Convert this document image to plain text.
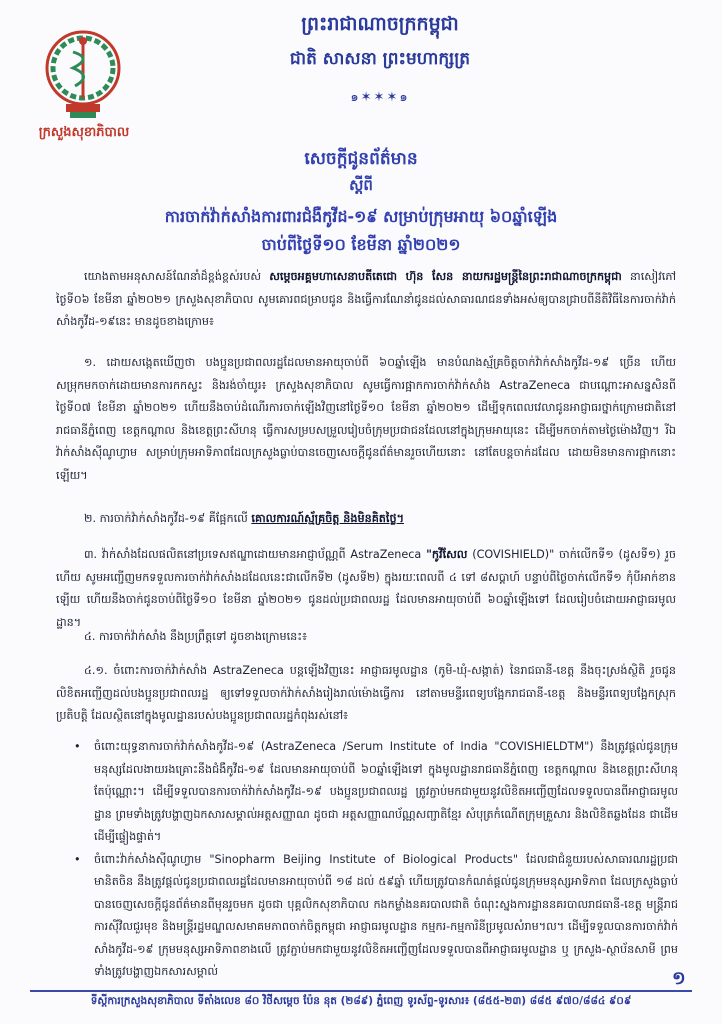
ក្រសួងសុខាភិបាល
ព្រះរាជាណាចក្រកម្ពុជា
ជាតិ សាសនា ព្រះមហាក្សត្រ
๑✶✶✶๑
សេចក្តីជូនព័ត៌មាន
ស្តីពី
ការចាក់វ៉ាក់សាំងការពារជំងឺកូវីដ-១៩ សម្រាប់ក្រុមអាយុ ៦០ឆ្នាំឡើង
ចាប់ពីថ្ងៃទី១០ ខែមីនា ឆ្នាំ២០២១
យោងតាមអនុសាសន៍ណែនាំដ៏ខ្ពង់ខ្ពស់របស់ សម្តេចអគ្គមហាសេនាបតីតេជោ ហ៊ុន សែន នាយករដ្ឋមន្ត្រីនៃព្រះរាជាណាចក្រកម្ពុជា នាសៀវភៅថ្ងៃទី០៦ ខែមីនា ឆ្នាំ២០២១ ក្រសួងសុខាភិបាល សូមគោរពជម្រាបជូន និងធ្វើការណែនាំជូនដល់សាធារណជនទាំងអស់ឲ្យបានជ្រាបពីនីតិវិធីនៃការចាក់វ៉ាក់សាំងកូវីដ-១៩នេះ មានដូចខាងក្រោម៖
១. ដោយសង្កេតឃើញថា បងប្អូនប្រជាពលរដ្ឋដែលមានអាយុចាប់ពី ៦០ឆ្នាំឡើង មានបំណងស្ម័គ្រចិត្តចាក់វ៉ាក់សាំងកូវីដ-១៩ ច្រើន ហើយសម្រុកមកចាក់ដោយមានការកកស្ទះ និងរង់ចាំយូរ៖ ក្រសួងសុខាភិបាល សូមធ្វើការផ្អាកការចាក់វ៉ាក់សាំង AstraZeneca ជាបណ្តោះអាសន្នសិនពីថ្ងៃទី០៧ ខែមីនា ឆ្នាំ២០២១ ហើយនឹងចាប់ដំណើរការចាក់ឡើងវិញនៅថ្ងៃទី១០ ខែមីនា ឆ្នាំ២០២១ ដើម្បីទុកពេលវេលាជូនអាជ្ញាធរថ្នាក់ក្រោមជាតិនៅរាជធានីភ្នំពេញ ខេត្តកណ្តាល និងខេត្តព្រះសីហនុ ធ្វើការសម្របសម្រួលរៀបចំក្រុមប្រជាជនដែលនៅក្នុងក្រុមអាយុនេះ ដើម្បីមកចាក់តាមថ្ងៃម៉ោងវិញ។ រីឯ វ៉ាក់សាំងស៊ីណូហ្វាម សម្រាប់ក្រុមអាទិភាពដែលក្រសួងធ្លាប់បានចេញសេចក្តីជូនព័ត៌មានរួចហើយនោះ នៅតែបន្តចាក់ដដែល ដោយមិនមានការផ្អាកនោះឡើយ។
២. ការចាក់វ៉ាក់សាំងកូវីដ-១៩ គឺផ្អែកលើ គោលការណ៍ស្ម័គ្រចិត្ត និងមិនគិតថ្លៃ។
៣. វ៉ាក់សាំងដែលផលិតនៅប្រទេសឥណ្ឌាដោយមានអាជ្ញាប័ណ្ណពី AstraZeneca "កូវីសែល (COVISHIELD)" ចាក់លើកទី១ (ដូសទី១) រួចហើយ សូមអញ្ជើញមកទទួលការចាក់វ៉ាក់សាំងដដែលនេះជាលើកទី២ (ដូសទី២) ក្នុងរយៈពេលពី ៤ ទៅ ៨សប្តាហ៍ បន្ទាប់ពីថ្ងៃចាក់លើកទី១ កុំបីអាក់ខានឡើយ ហើយនឹងចាក់ជូនចាប់ពីថ្ងៃទី១០ ខែមីនា ឆ្នាំ២០២១ ជូនដល់ប្រជាពលរដ្ឋ ដែលមានអាយុចាប់ពី ៦០ឆ្នាំឡើងទៅ ដែលរៀបចំដោយអាជ្ញាធរមូលដ្ឋាន។
៤. ការចាក់វ៉ាក់សាំង នឹងប្រព្រឹត្តទៅ ដូចខាងក្រោមនេះ៖
៤.១. ចំពោះការចាក់វ៉ាក់សាំង AstraZeneca បន្តឡើងវិញនេះ អាជ្ញាធរមូលដ្ឋាន (ភូមិ-ឃុំ-សង្កាត់) នៃរាជធានី-ខេត្ត នឹងចុះស្រង់ស្ថិតិ រួចជូនលិខិតអញ្ជើញដល់បងប្អូនប្រជាពលរដ្ឋ ឲ្យទៅទទួលចាក់វ៉ាក់សាំងរៀងរាល់ម៉ោងធ្វើការ នៅតាមមន្ទីរពេទ្យបង្អែករាជធានី-ខេត្ត និងមន្ទីរពេទ្យបង្អែកស្រុកប្រតិបត្តិ ដែលស្ថិតនៅក្នុងមូលដ្ឋានរបស់បងប្អូនប្រជាពលរដ្ឋកំពុងរស់នៅ៖
• ចំពោះយុទ្ធនាការចាក់វ៉ាក់សាំងកូវីដ-១៩ (AstraZeneca /Serum Institute of India "COVISHIELDTM") នឹងត្រូវផ្តល់ជូនក្រុមមនុស្សដែលងាយរងគ្រោះនឹងជំងឺកូវីដ-១៩ ដែលមានអាយុចាប់ពី ៦០ឆ្នាំឡើងទៅ ក្នុងមូលដ្ឋានរាជធានីភ្នំពេញ ខេត្តកណ្តាល និងខេត្តព្រះសីហនុ តែប៉ុណ្ណោះ។ ដើម្បីទទួលបានការចាក់វ៉ាក់សាំងកូវីដ-១៩ បងប្អូនប្រជាពលរដ្ឋ ត្រូវភ្ជាប់មកជាមួយនូវលិខិតអញ្ជើញដែលទទួលបានពីអាជ្ញាធរមូលដ្ឋាន ព្រមទាំងត្រូវបង្ហាញឯកសារសម្គាល់អត្តសញ្ញាណ ដូចជា អត្តសញ្ញាណប័ណ្ណសញ្ជាតិខ្មែរ សំបុត្រកំណើតក្រុមគ្រួសារ និងលិខិតឆ្លងដែន ជាដើម ដើម្បីផ្ទៀងផ្ទាត់។
• ចំពោះវ៉ាក់សាំងស៊ីណូហ្វាម "Sinopharm Beijing Institute of Biological Products" ដែលជាជំនួយរបស់សាធារណរដ្ឋប្រជាមានិតចិន នឹងត្រូវផ្តល់ជូនប្រជាពលរដ្ឋដែលមានអាយុចាប់ពី ១៨ ដល់ ៥៩ឆ្នាំ ហើយត្រូវបានកំណត់ផ្តល់ជូនក្រុមមនុស្សអាទិភាព ដែលក្រសួងធ្លាប់បានចេញសេចក្តីជូនព័ត៌មានពីមុនរួចមក ដូចជា បុគ្គលិកសុខាភិបាល កងកម្លាំងនគរបាលជាតិ ចំណុះស្នងការដ្ឋាននគរបាលរាជធានី-ខេត្ត មន្ត្រីរាជការស៊ីវិលជួរមុខ និងមន្ត្រីរដ្ឋមណ្ឌលសមាគមភាពចាក់ចិត្តកម្ពុជា អាជ្ញាធរមូលដ្ឋាន កម្មករ-កម្មការិនីប្រមូលសំរាម។ល។ ដើម្បីទទួលបានការចាក់វ៉ាក់សាំងកូវីដ-១៩ ក្រុមមនុស្សអាទិភាពខាងលើ ត្រូវភ្ជាប់មកជាមួយនូវលិខិតអញ្ជើញដែលទទួលបានពីអាជ្ញាធរមូលដ្ឋាន ឬ ក្រសួង-ស្ថាប័នសាមី ព្រមទាំងត្រូវបង្ហាញឯកសារសម្គាល់	១
ទីស្តីការក្រសួងសុខាភិបាល ទីតាំងលេខ ៨០ វិថីសម្តេច ប៉ែន នុត (២៨៩) ភ្នំពេញ ទូរស័ព្ទ-ទូរសារ៖ (៨៥៥-២៣) ៨៨៥ ៩៧០/៨៨៤ ៩០៩
